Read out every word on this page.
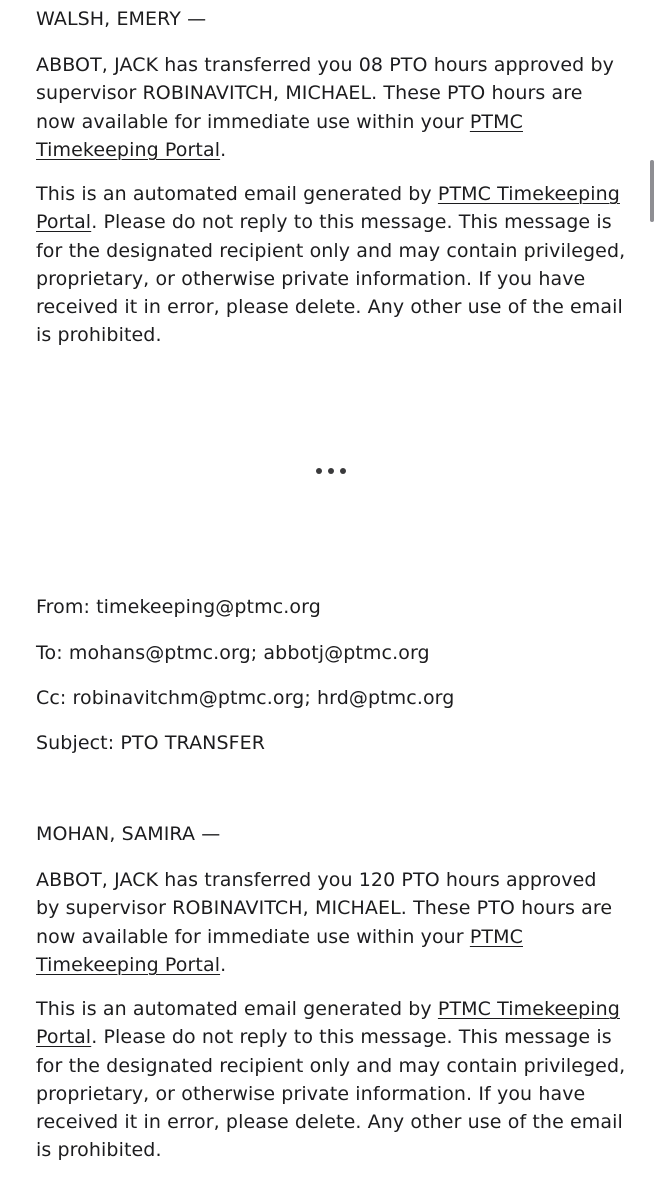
WALSH, EMERY —

ABBOT, JACK has transferred you 08 PTO hours approved by supervisor ROBINAVITCH, MICHAEL. These PTO hours are now available for immediate use within your PTMC Timekeeping Portal.

This is an automated email generated by PTMC Timekeeping Portal. Please do not reply to this message. This message is for the designated recipient only and may contain privileged, proprietary, or otherwise private information. If you have received it in error, please delete. Any other use of the email is prohibited.

From: timekeeping@ptmc.org

To: mohans@ptmc.org; abbotj@ptmc.org

Cc: robinavitchm@ptmc.org; hrd@ptmc.org

Subject: PTO TRANSFER

MOHAN, SAMIRA —

ABBOT, JACK has transferred you 120 PTO hours approved by supervisor ROBINAVITCH, MICHAEL. These PTO hours are now available for immediate use within your PTMC Timekeeping Portal.

This is an automated email generated by PTMC Timekeeping Portal. Please do not reply to this message. This message is for the designated recipient only and may contain privileged, proprietary, or otherwise private information. If you have received it in error, please delete. Any other use of the email is prohibited.
